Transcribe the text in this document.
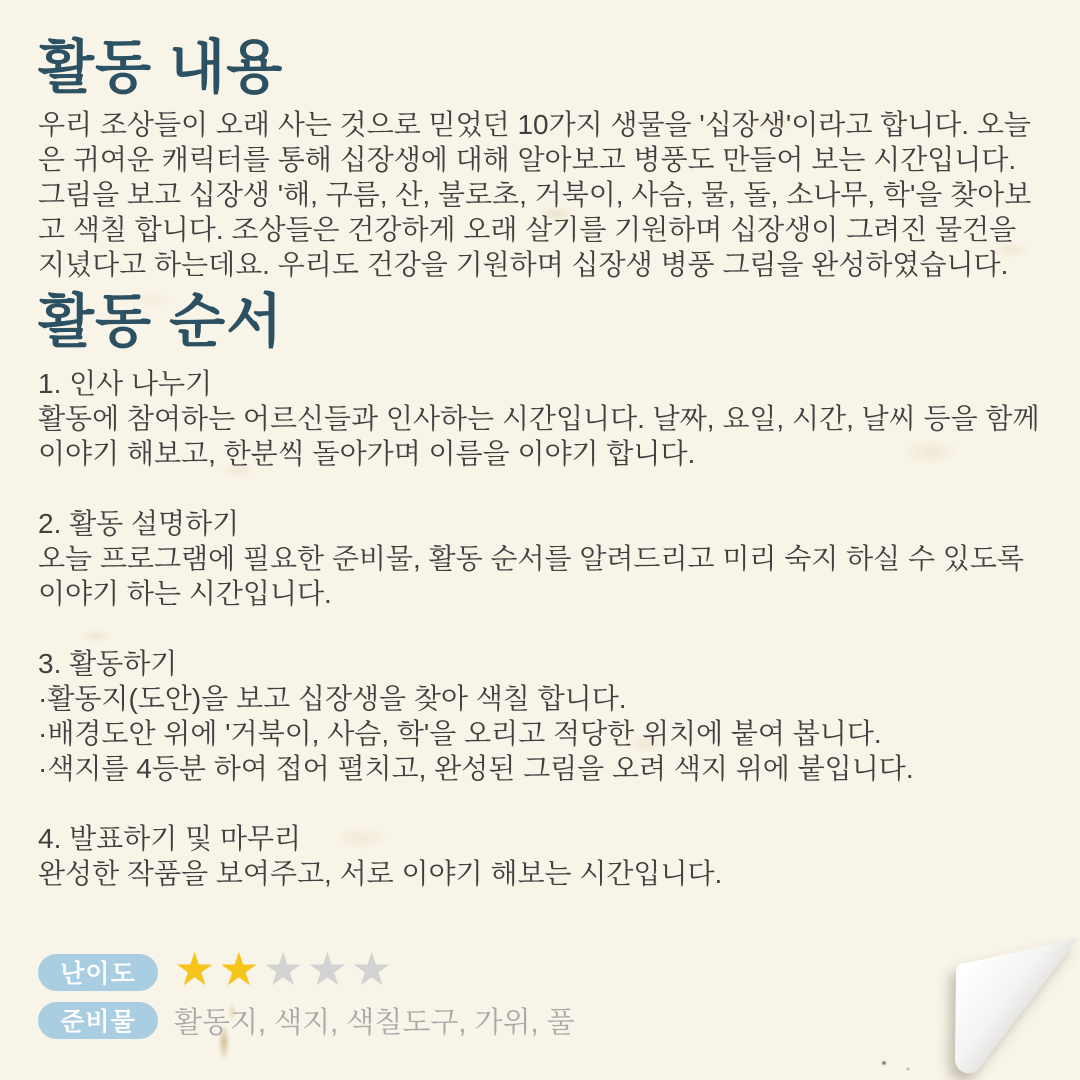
활동 내용

우리 조상들이 오래 사는 것으로 믿었던 10가지 생물을 '십장생'이라고 합니다. 오늘은 귀여운 캐릭터를 통해 십장생에 대해 알아보고 병풍도 만들어 보는 시간입니다. 그림을 보고 십장생 '해, 구름, 산, 불로초, 거북이, 사슴, 물, 돌, 소나무, 학'을 찾아보고 색칠 합니다. 조상들은 건강하게 오래 살기를 기원하며 십장생이 그려진 물건을 지녔다고 하는데요. 우리도 건강을 기원하며 십장생 병풍 그림을 완성하였습니다.

활동 순서
1. 인사 나누기
활동에 참여하는 어르신들과 인사하는 시간입니다. 날짜, 요일, 시간, 날씨 등을 함께 이야기 해보고, 한분씩 돌아가며 이름을 이야기 합니다.
2. 활동 설명하기
오늘 프로그램에 필요한 준비물, 활동 순서를 알려드리고 미리 숙지 하실 수 있도록 이야기 하는 시간입니다.
3. 활동하기
·활동지(도안)을 보고 십장생을 찾아 색칠 합니다.
·배경도안 위에 '거북이, 사슴, 학'을 오리고 적당한 위치에 붙여 봅니다.
·색지를 4등분 하여 접어 펼치고, 완성된 그림을 오려 색지 위에 붙입니다.
4. 발표하기 및 마무리
완성한 작품을 보여주고, 서로 이야기 해보는 시간입니다.
난이도 ★ ★ ★ ★ ★
준비물	활동지, 색지, 색칠도구, 가위, 풀
